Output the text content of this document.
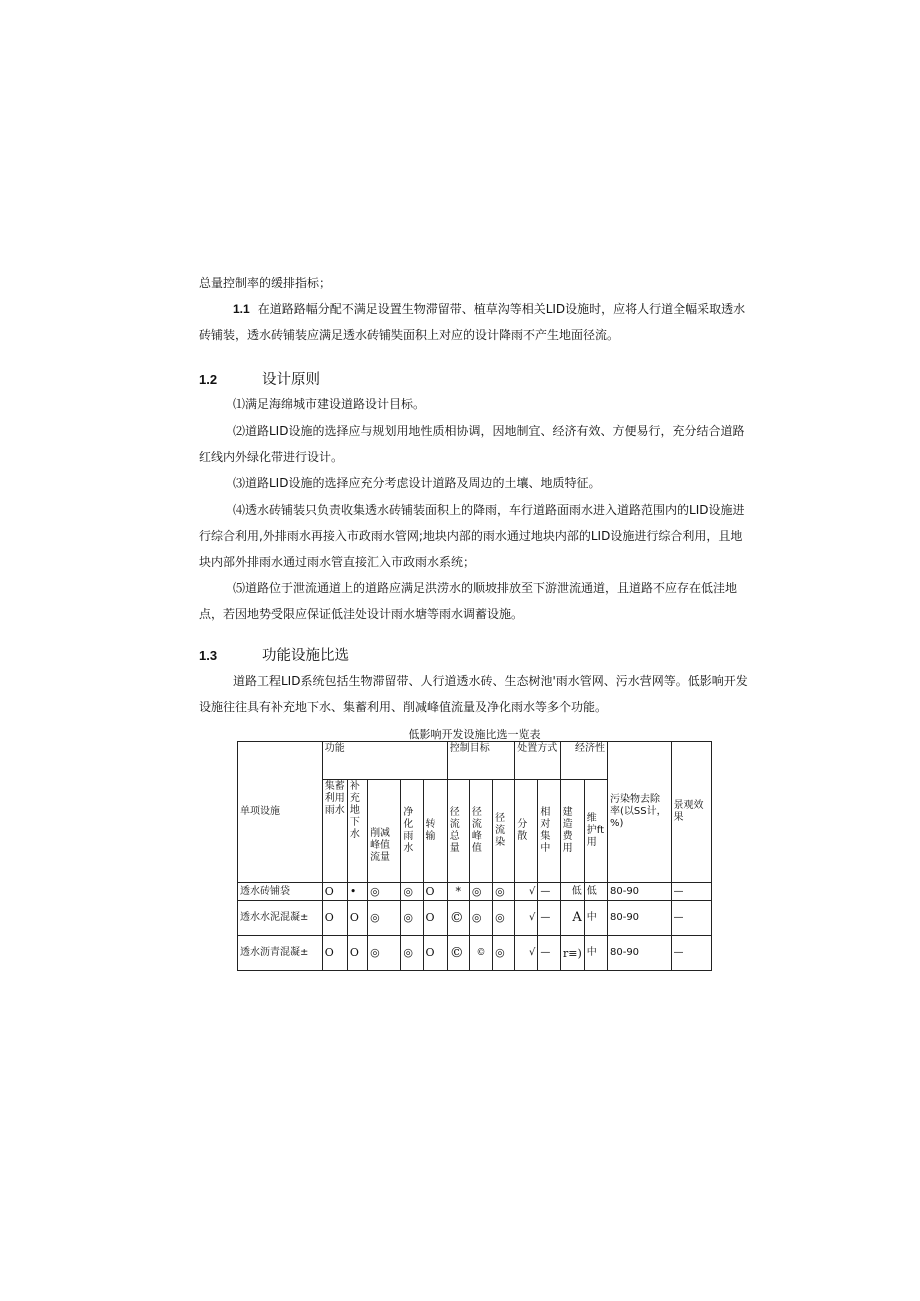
总量控制率的缓排指标；
1.1 在道路路幅分配不满足设置生物滞留带、植草沟等相关LID设施时，应将人行道全幅采取透水砖铺装，透水砖铺装应满足透水砖铺奘面积上对应的设计降雨不产生地面径流。
1.2	设计原则
⑴满足海绵城市建设道路设计目标。
⑵道路LID设施的选择应与规划用地性质相协调，因地制宜、经济有效、方便易行，充分结合道路红线内外绿化带进行设计。
⑶道路LID设施的选择应充分考虑设计道路及周边的土壤、地质特征。
⑷透水砖铺装只负责收集透水砖铺装面积上的降雨，车行道路面雨水进入道路范围内的LID设施进行综合利用,外排雨水再接入市政雨水管网;地块内部的雨水通过地块内部的LID设施进行综合利用，且地块内部外排雨水通过雨水管直接汇入市政雨水系统；
⑸道路位于泄流通道上的道路应满足洪涝水的顺坡排放至下游泄流通道，且道路不应存在低洼地点，若因地势受限应保证低洼处设计雨水塘等雨水调蓄设施。
1.3	功能设施比选
道路工程LID系统包括生物滞留带、人行道透水砖、生态树池'雨水管网、污水营网等。低影响开发设施往往具有补充地下水、集蓄利用、削减峰值流量及净化雨水等多个功能。
低影响开发设施比选一览表
单项设施	功能					控制目标			处置方式		经济性		污染物去除率(以SS计，%)	景观效果
	集蓄利用雨水	补充地下水	削减峰值流量	净化雨水	转输	径流总量	径流峰值	径流染	分散	相对集中	建造费用	维护ft用		
透水砖铺袋	O	•	◎	◎	O	*	◎	◎	√	—	低	低	80-90	—
透水水泥混凝±	O	O	◎	◎	O	©	◎	◎	√	—	A	中	80-90	—
透水沥青混凝±	O	O	◎	◎	O	©	©	◎	√	—	r≡)	中	80-90	—
